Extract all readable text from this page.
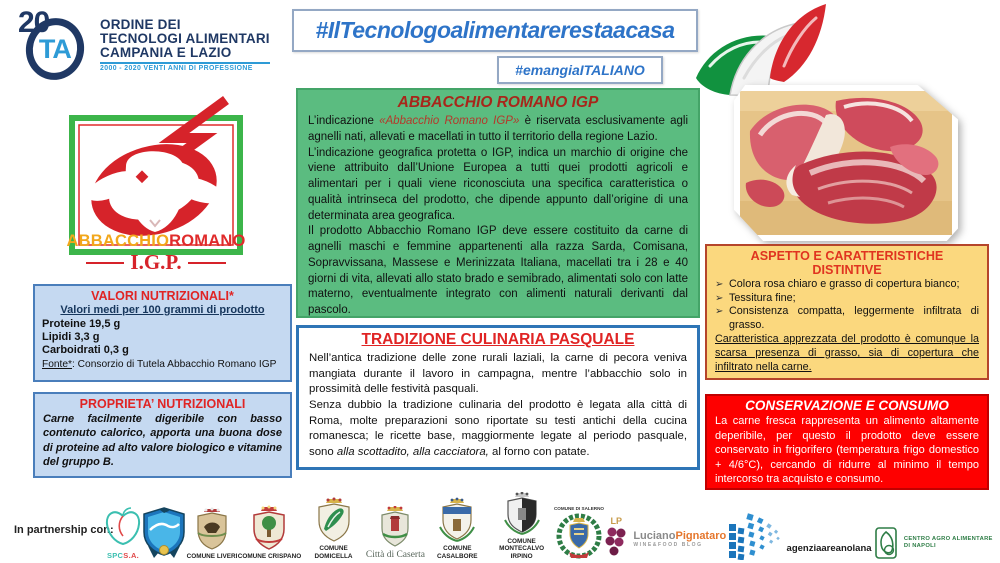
20
TA
ORDINE DEI
TECNOLOGI ALIMENTARI
CAMPANIA E LAZIO
2000 - 2020 VENTI ANNI DI PROFESSIONE
#IlTecnologoalimentarerestaacasa
#emangiaITALIANO
ABBACCHIOROMANO
I.G.P.
ABBACCHIO ROMANO IGP
L’indicazione «Abbacchio Romano IGP» è riservata esclusivamente agli agnelli nati, allevati e macellati in tutto il territorio della regione Lazio.
L’indicazione geografica protetta o IGP, indica un marchio di origine che viene attribuito dall’Unione Europea a tutti quei prodotti agricoli e alimentari per i quali viene riconosciuta una specifica caratteristica o qualità intrinseca del prodotto, che dipende appunto dall’origine di una determinata area geografica.
Il prodotto Abbacchio Romano IGP deve essere costituito da carne di agnelli maschi e femmine appartenenti alla razza Sarda, Comisana, Sopravvissana, Massese e Merinizzata Italiana, macellati tra i 28 e 40 giorni di vita, allevati allo stato brado e semibrado, alimentati solo con latte materno, eventualmente integrato con alimenti naturali derivanti dal pascolo.
VALORI NUTRIZIONALI*
Valori medi per 100 grammi di prodotto
Proteine 19,5 g
Lipidi 3,3 g
Carboidrati 0,3 g
Fonte*: Consorzio di Tutela Abbacchio Romano IGP
PROPRIETA’ NUTRIZIONALI
Carne facilmente digeribile con basso contenuto calorico, apporta una buona dose di proteine ad alto valore biologico e vitamine del gruppo B.
TRADIZIONE CULINARIA PASQUALE
Nell’antica tradizione delle zone rurali laziali, la carne di pecora veniva mangiata durante il lavoro in campagna, mentre l’abbacchio solo in prossimità delle festività pasquali.
Senza dubbio la tradizione culinaria del prodotto è legata alla città di Roma, molte preparazioni sono riportate su testi antichi della cucina romanesca; le ricette base, maggiormente legate al periodo pasquale, sono alla scottadito, alla cacciatora, al forno con patate.
ASPETTO E CARATTERISTICHE DISTINTIVE
➢ Colora rosa chiaro e grasso di copertura bianco;
➢ Tessitura fine;
➢ Consistenza compatta, leggermente infiltrata di grasso.
Caratteristica apprezzata del prodotto è comunque la scarsa presenza di grasso, sia di copertura che infiltrato nella carne.
CONSERVAZIONE E CONSUMO
La carne fresca rappresenta un alimento altamente deperibile, per questo il prodotto deve essere conservato in frigorifero (temperatura frigo domestico + 4/6°C), cercando di ridurre al minimo il tempo intercorso tra acquisto e consumo.
In partnership con:
SPCS.A.	COMUNE LIVERI COMUNE CRISPANO
COMUNE DOMICELLA	Città di Caserta
COMUNE CASALBORE
COMUNE MONTECALVO IRPINO
COMUNE DI SALERNO
LP
LucianoPignataro
WINE&FOOD BLOG	agenziaareanolana
CENTRO AGRO ALIMENTARE DI NAPOLI
